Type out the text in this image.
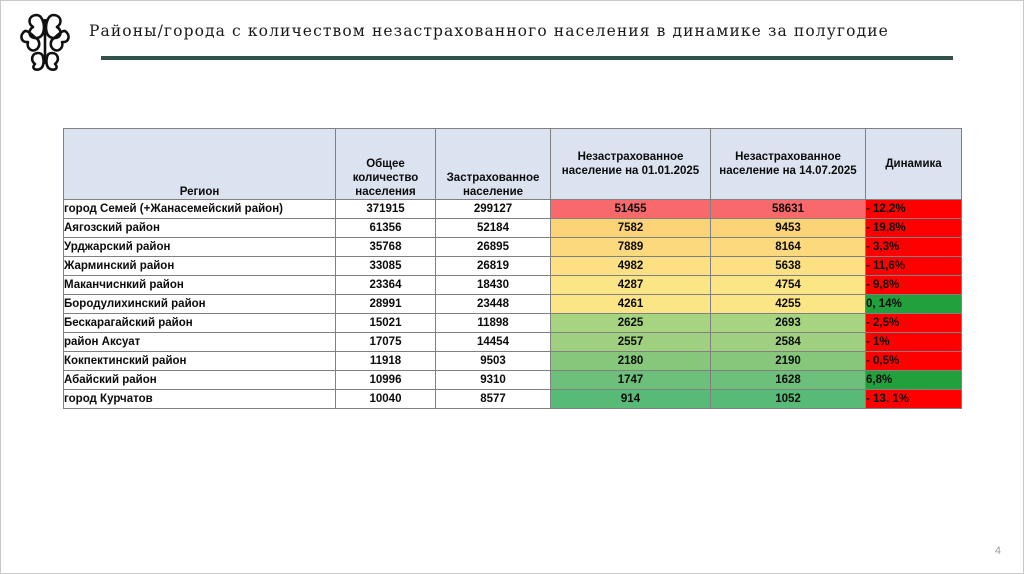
Районы/города с количеством незастрахованного населения в динамике за полугодие
Регион	Общее количество населения	Застрахованное население	Незастрахованное население на 01.01.2025	Незастрахованное население на 14.07.2025	Динамика
город Семей (+Жанасемейский район)	371915	299127	51455	58631	- 12,2%
Аягозский район	61356	52184	7582	9453	- 19,8%
Урджарский район	35768	26895	7889	8164	- 3,3%
Жарминский район	33085	26819	4982	5638	- 11,6%
Маканчиснкий район	23364	18430	4287	4754	- 9,8%
Бородулихинский район	28991	23448	4261	4255	0, 14%
Бескарагайский район	15021	11898	2625	2693	- 2,5%
район Аксуат	17075	14454	2557	2584	- 1%
Кокпектинский район	11918	9503	2180	2190	- 0,5%
Абайский район	10996	9310	1747	1628	6,8%
город Курчатов	10040	8577	914	1052	- 13, 1%
4
